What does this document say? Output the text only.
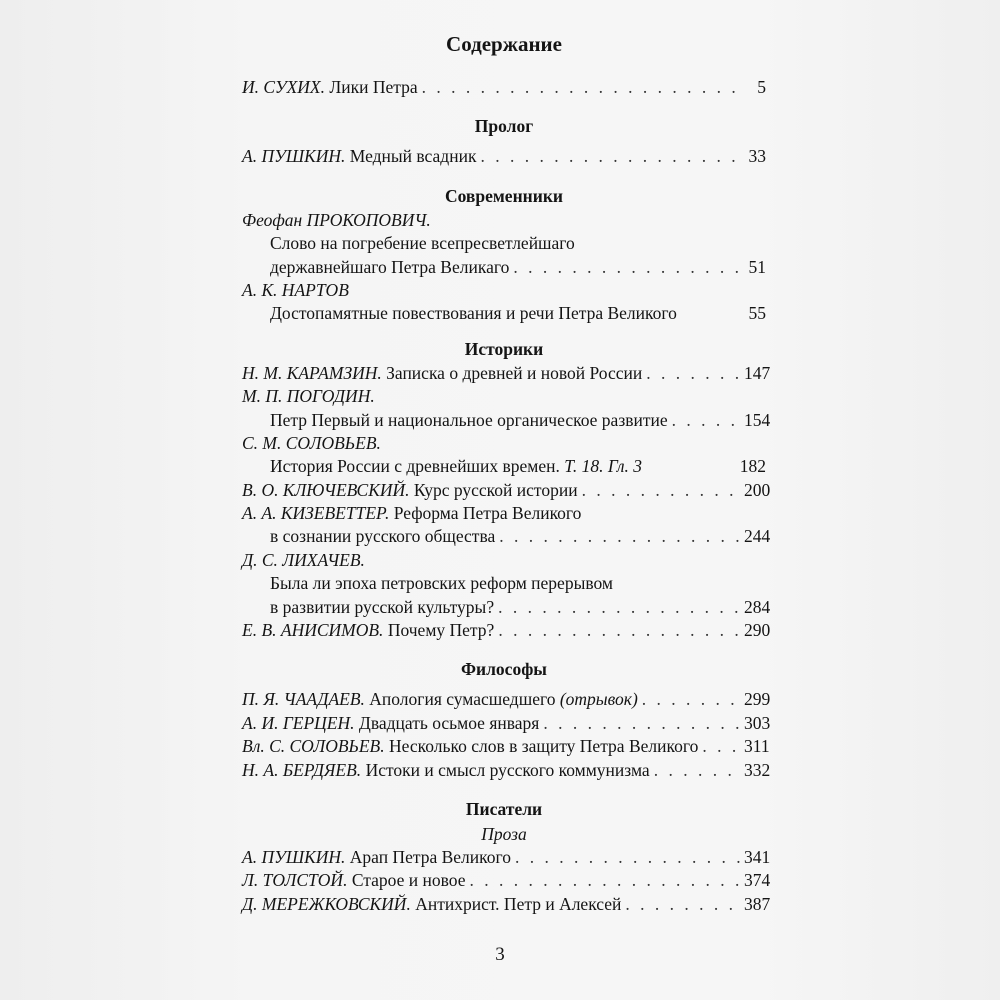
Содержание
И. СУХИХ.
Лики Петра . . .	5
Пролог
А. ПУШКИН.
Медный всадник . . .	33
Современники
Феофан ПРОКОПОВИЧ.
Слово на погребение всепресветлейшаго
державнейшаго Петра Великаго . . .	51
А. К. НАРТОВ
Достопамятные повествования и речи Петра Великого	55
Историки
Н. М. КАРАМЗИН.
Записка о древней и новой России . . .	147
М. П. ПОГОДИН.
Петр Первый и национальное органическое развитие . . .	154
С. М. СОЛОВЬЕВ.
История России с древнейших времен.
Т. 18. Гл. 3	182
В. О. КЛЮЧЕВСКИЙ.
Курс русской истории . . .	200
А. А. КИЗЕВЕТТЕР.
Реформа Петра Великого
в сознании русского общества . . .	244
Д. С. ЛИХАЧЕВ.
Была ли эпоха петровских реформ перерывом
в развитии русской культуры? . . .	284
Е. В. АНИСИМОВ.
Почему Петр? . . .	290
Философы
П. Я. ЧААДАЕВ.
Апология сумасшедшего
(отрывок) . . .	299
А. И. ГЕРЦЕН.
Двадцать осьмое января . . .	303
Вл. С. СОЛОВЬЕВ.
Несколько слов в защиту Петра Великого . . .	311
Н. А. БЕРДЯЕВ.
Истоки и смысл русского коммунизма . . .	332
Писатели
Проза
А. ПУШКИН.
Арап Петра Великого . . .	341
Л. ТОЛСТОЙ.
Старое и новое . . .	374
Д. МЕРЕЖКОВСКИЙ.
Антихрист. Петр и Алексей . . .	387
3
